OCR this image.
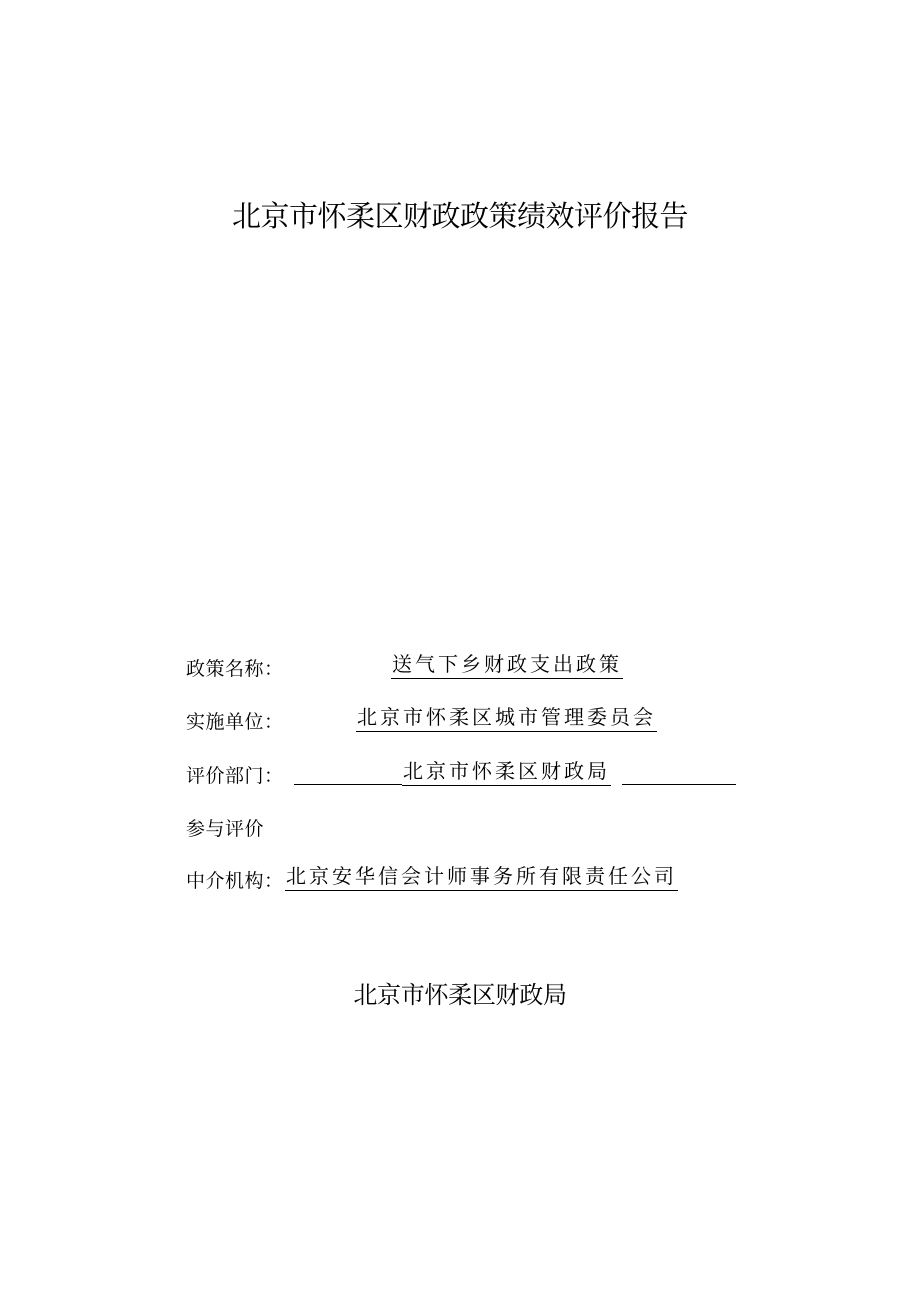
北京市怀柔区财政政策绩效评价报告
政策名称：	送气下乡财政支出政策
实施单位：	北京市怀柔区城市管理委员会
评价部门：	北京市怀柔区财政局
参与评价
中介机构： 北京安华信会计师事务所有限责任公司
北京市怀柔区财政局
